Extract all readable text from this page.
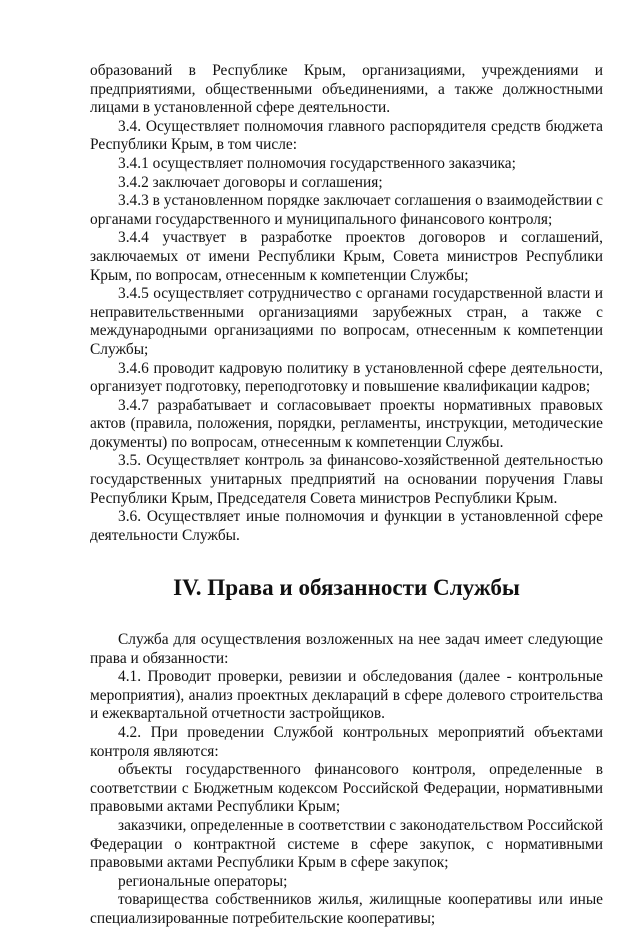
образований в Республике Крым, организациями, учреждениями и предприятиями, общественными объединениями, а также должностными лицами в установленной сфере деятельности.

3.4. Осуществляет полномочия главного распорядителя средств бюджета Республики Крым, в том числе:

3.4.1 осуществляет полномочия государственного заказчика;

3.4.2 заключает договоры и соглашения;

3.4.3 в установленном порядке заключает соглашения о взаимодействии с органами государственного и муниципального финансового контроля;

3.4.4 участвует в разработке проектов договоров и соглашений, заключаемых от имени Республики Крым, Совета министров Республики Крым, по вопросам, отнесенным к компетенции Службы;

3.4.5 осуществляет сотрудничество с органами государственной власти и неправительственными организациями зарубежных стран, а также с международными организациями по вопросам, отнесенным к компетенции Службы;

3.4.6 проводит кадровую политику в установленной сфере деятельности, организует подготовку, переподготовку и повышение квалификации кадров;

3.4.7 разрабатывает и согласовывает проекты нормативных правовых актов (правила, положения, порядки, регламенты, инструкции, методические документы) по вопросам, отнесенным к компетенции Службы.

3.5. Осуществляет контроль за финансово-хозяйственной деятельностью государственных унитарных предприятий на основании поручения Главы Республики Крым, Председателя Совета министров Республики Крым.

3.6. Осуществляет иные полномочия и функции в установленной сфере деятельности Службы.

IV. Права и обязанности Службы

Служба для осуществления возложенных на нее задач имеет следующие права и обязанности:

4.1. Проводит проверки, ревизии и обследования (далее - контрольные мероприятия), анализ проектных деклараций в сфере долевого строительства и ежеквартальной отчетности застройщиков.

4.2. При проведении Службой контрольных мероприятий объектами контроля являются:

объекты государственного финансового контроля, определенные в соответствии с Бюджетным кодексом Российской Федерации, нормативными правовыми актами Республики Крым;

заказчики, определенные в соответствии с законодательством Российской Федерации о контрактной системе в сфере закупок, с нормативными правовыми актами Республики Крым в сфере закупок;

региональные операторы;

товарищества собственников жилья, жилищные кооперативы или иные специализированные потребительские кооперативы;
